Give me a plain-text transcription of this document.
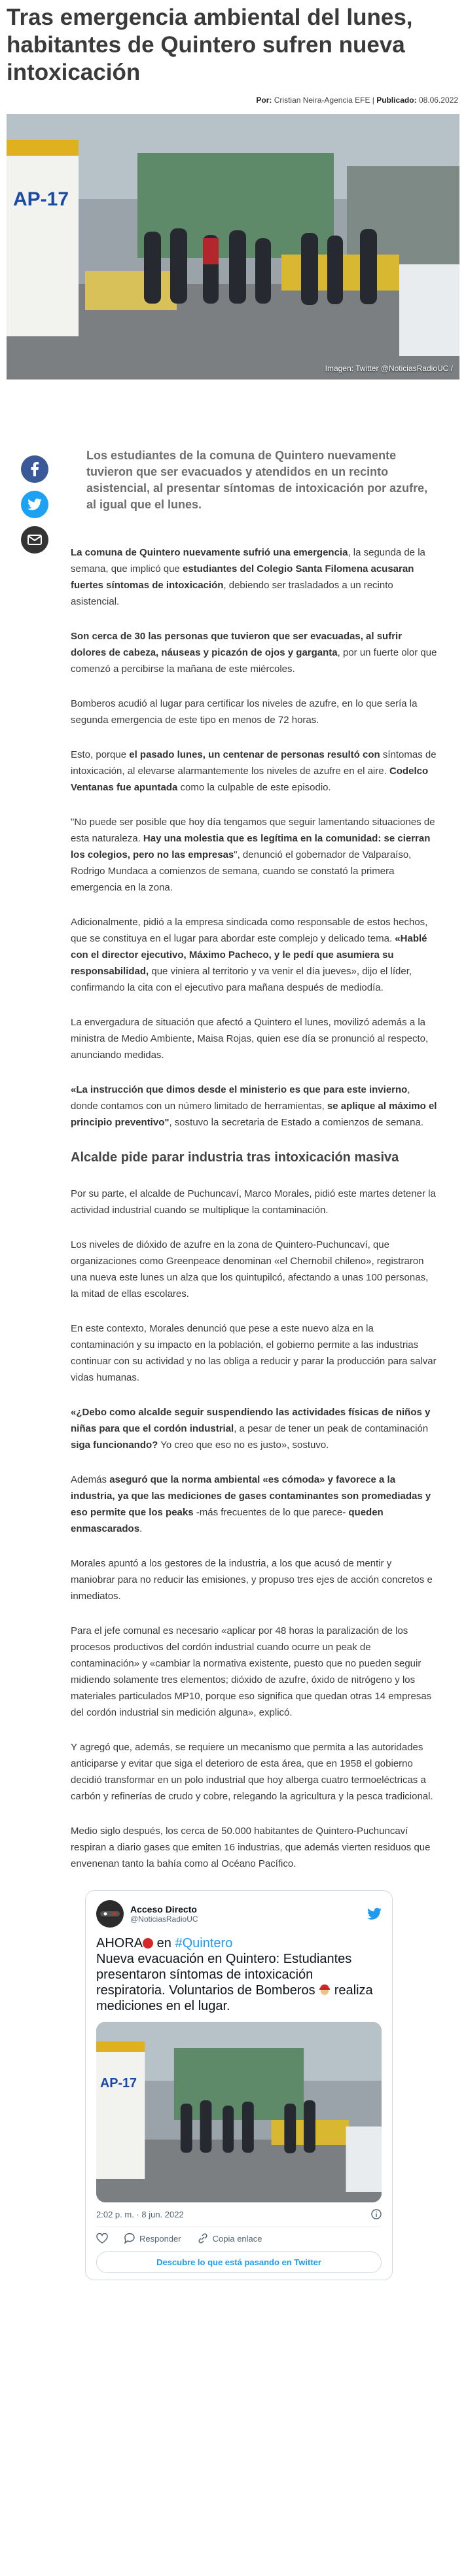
Tras emergencia ambiental del lunes, habitantes de Quintero sufren nueva intoxicación
Por: Cristian Neira-Agencia EFE | Publicado: 08.06.2022
AP-17
Imagen: Twitter @NoticiasRadioUC /

Los estudiantes de la comuna de Quintero nuevamente tuvieron que ser evacuados y atendidos en un recinto asistencial, al presentar síntomas de intoxicación por azufre, al igual que el lunes.

La comuna de Quintero nuevamente sufrió una emergencia, la segunda de la semana, que implicó que estudiantes del Colegio Santa Filomena acusaran fuertes síntomas de intoxicación, debiendo ser trasladados a un recinto asistencial.

Son cerca de 30 las personas que tuvieron que ser evacuadas, al sufrir dolores de cabeza, náuseas y picazón de ojos y garganta, por un fuerte olor que comenzó a percibirse la mañana de este miércoles.

Bomberos acudió al lugar para certificar los niveles de azufre, en lo que sería la segunda emergencia de este tipo en menos de 72 horas.

Esto, porque el pasado lunes, un centenar de personas resultó con síntomas de intoxicación, al elevarse alarmantemente los niveles de azufre en el aire. Codelco Ventanas fue apuntada como la culpable de este episodio.

"No puede ser posible que hoy día tengamos que seguir lamentando situaciones de esta naturaleza. Hay una molestia que es legítima en la comunidad: se cierran los colegios, pero no las empresas", denunció el gobernador de Valparaíso, Rodrigo Mundaca a comienzos de semana, cuando se constató la primera emergencia en la zona.

Adicionalmente, pidió a la empresa sindicada como responsable de estos hechos, que se constituya en el lugar para abordar este complejo y delicado tema. «Hablé con el director ejecutivo, Máximo Pacheco, y le pedí que asumiera su responsabilidad, que viniera al territorio y va venir el día jueves», dijo el líder, confirmando la cita con el ejecutivo para mañana después de mediodía.

La envergadura de situación que afectó a Quintero el lunes, movilizó además a la ministra de Medio Ambiente, Maisa Rojas, quien ese día se pronunció al respecto, anunciando medidas.

«La instrucción que dimos desde el ministerio es que para este invierno, donde contamos con un número limitado de herramientas, se aplique al máximo el principio preventivo", sostuvo la secretaria de Estado a comienzos de semana.

Alcalde pide parar industria tras intoxicación masiva

Por su parte, el alcalde de Puchuncaví, Marco Morales, pidió este martes detener la actividad industrial cuando se multiplique la contaminación.

Los niveles de dióxido de azufre en la zona de Quintero-Puchuncaví, que organizaciones como Greenpeace denominan «el Chernobil chileno», registraron una nueva este lunes un alza que los quintupilcó, afectando a unas 100 personas, la mitad de ellas escolares.

En este contexto, Morales denunció que pese a este nuevo alza en la contaminación y su impacto en la población, el gobierno permite a las industrias continuar con su actividad y no las obliga a reducir y parar la producción para salvar vidas humanas.

«¿Debo como alcalde seguir suspendiendo las actividades físicas de niños y niñas para que el cordón industrial, a pesar de tener un peak de contaminación siga funcionando? Yo creo que eso no es justo», sostuvo.

Además aseguró que la norma ambiental «es cómoda» y favorece a la industria, ya que las mediciones de gases contaminantes son promediadas y eso permite que los peaks -más frecuentes de lo que parece- queden enmascarados.

Morales apuntó a los gestores de la industria, a los que acusó de mentir y maniobrar para no reducir las emisiones, y propuso tres ejes de acción concretos e inmediatos.

Para el jefe comunal es necesario «aplicar por 48 horas la paralización de los procesos productivos del cordón industrial cuando ocurre un peak de contaminación» y «cambiar la normativa existente, puesto que no pueden seguir midiendo solamente tres elementos; dióxido de azufre, óxido de nitrógeno y los materiales particulados MP10, porque eso significa que quedan otras 14 empresas del cordón industrial sin medición alguna», explicó.

Y agregó que, además, se requiere un mecanismo que permita a las autoridades anticiparse y evitar que siga el deterioro de esta área, que en 1958 el gobierno decidió transformar en un polo industrial que hoy alberga cuatro termoeléctricas a carbón y refinerías de crudo y cobre, relegando la agricultura y la pesca tradicional.

Medio siglo después, los cerca de 50.000 habitantes de Quintero-Puchuncaví respiran a diario gases que emiten 16 industrias, que además vierten residuos que envenenan tanto la bahía como al Océano Pacífico.

Acceso Directo
@NoticiasRadioUC
AHORA en #Quintero
Nueva evacuación en Quintero: Estudiantes presentaron síntomas de intoxicación respiratoria. Voluntarios de Bomberos  realiza mediciones en el lugar.
AP-17
2:02 p. m. · 8 jun. 2022
Responder	Copia enlace
Descubre lo que está pasando en Twitter
